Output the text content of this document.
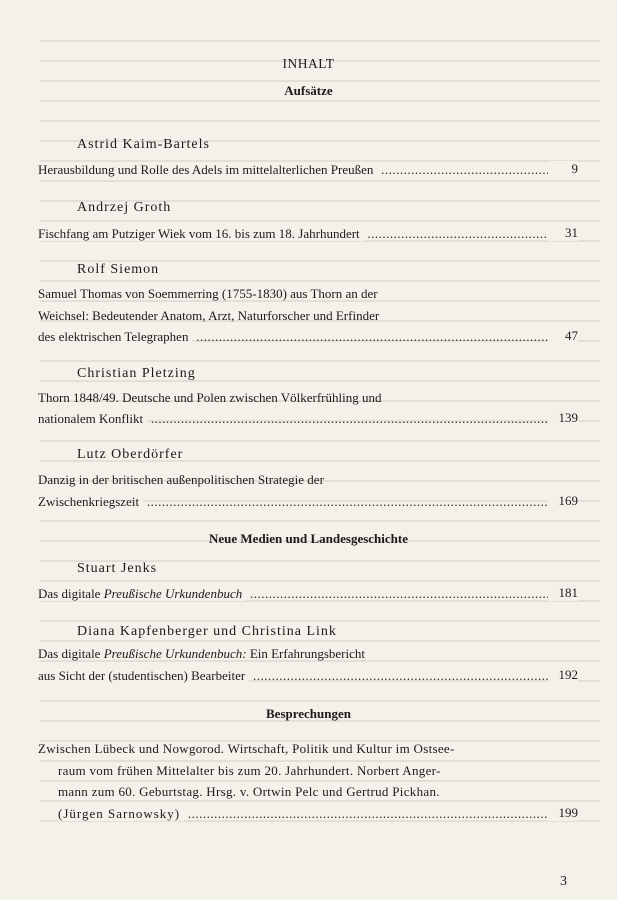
INHALT
Aufsätze
Astrid Kaim-Bartels
Herausbildung und Rolle des Adels im mittelalterlichen Preußen .....	9
Andrzej Groth
Fischfang am Putziger Wiek vom 16. bis zum 18. Jahrhundert .....	31
Rolf Siemon
Samuel Thomas von Soemmerring (1755-1830) aus Thorn an der
Weichsel: Bedeutender Anatom, Arzt, Naturforscher und Erfinder
des elektrischen Telegraphen .....	47
Christian Pletzing
Thorn 1848/49. Deutsche und Polen zwischen Völkerfrühling und
nationalem Konflikt .....	139
Lutz Oberdörfer
Danzig in der britischen außenpolitischen Strategie der
Zwischenkriegszeit .....	169
Neue Medien und Landesgeschichte
Stuart Jenks
Das digitale Preußische Urkundenbuch .....	181
Diana Kapfenberger und Christina Link
Das digitale Preußische Urkundenbuch: Ein Erfahrungsbericht
aus Sicht der (studentischen) Bearbeiter .....	192
Besprechungen
Zwischen Lübeck und Nowgorod. Wirtschaft, Politik und Kultur im Ostsee-
raum vom frühen Mittelalter bis zum 20. Jahrhundert. Norbert Anger-
mann zum 60. Geburtstag. Hrsg. v. Ortwin Pelc und Gertrud Pickhan.
(Jürgen Sarnowsky) .....	199
3
